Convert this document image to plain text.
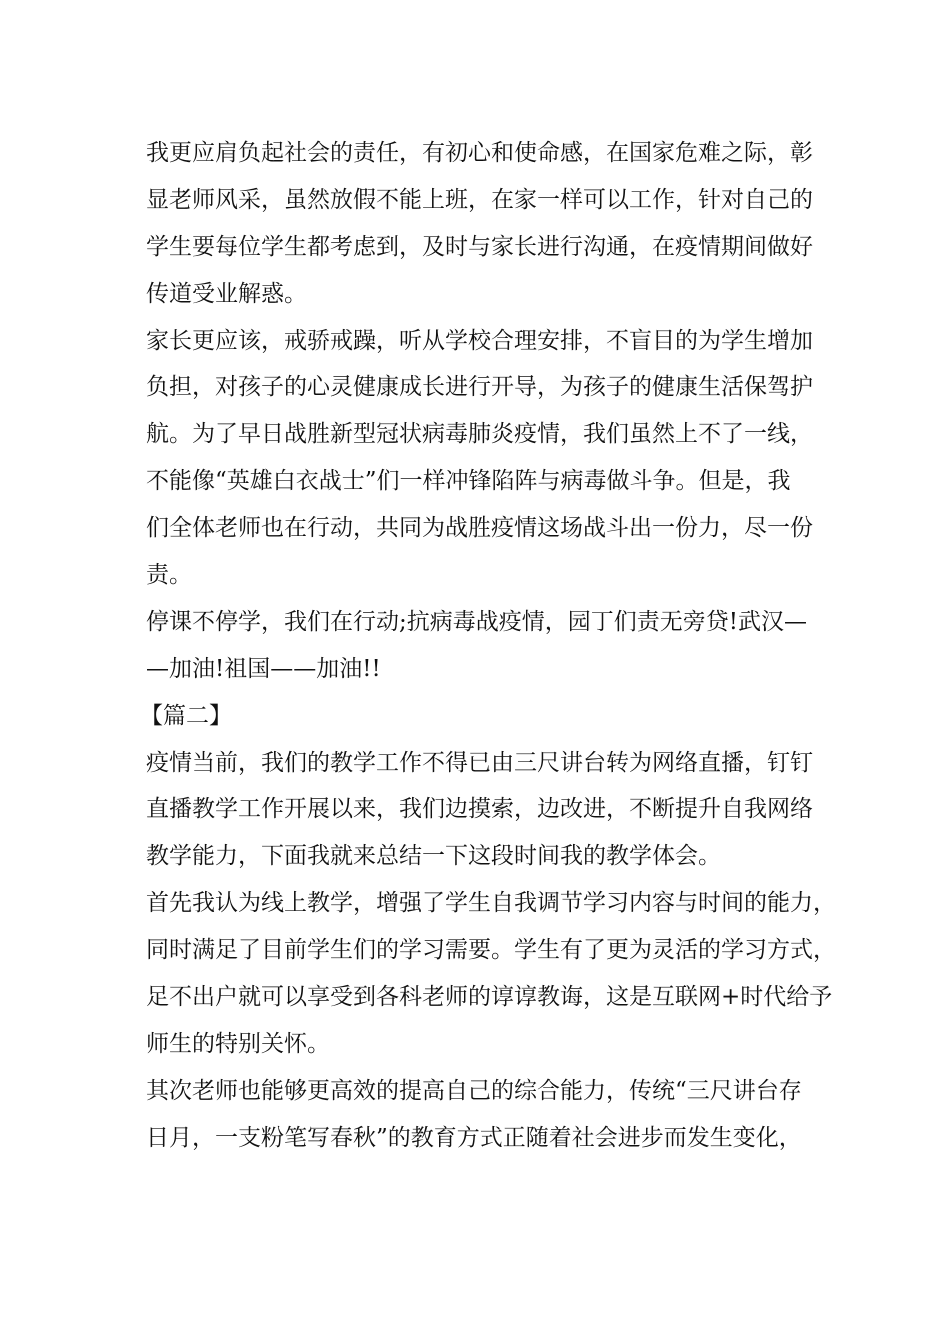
我更应肩负起社会的责任，有初心和使命感，在国家危难之际，彰
显老师风采，虽然放假不能上班，在家一样可以工作，针对自己的
学生要每位学生都考虑到，及时与家长进行沟通，在疫情期间做好
传道受业解惑。
家长更应该，戒骄戒躁，听从学校合理安排，不盲目的为学生增加
负担，对孩子的心灵健康成长进行开导，为孩子的健康生活保驾护
航。为了早日战胜新型冠状病毒肺炎疫情，我们虽然上不了一线，
不能像“英雄白衣战士”们一样冲锋陷阵与病毒做斗争。但是，我
们全体老师也在行动，共同为战胜疫情这场战斗出一份力，尽一份
责。
停课不停学，我们在行动;抗病毒战疫情，园丁们责无旁贷!武汉—
—加油!祖国——加油!!
【篇二】
疫情当前，我们的教学工作不得已由三尺讲台转为网络直播，钉钉
直播教学工作开展以来，我们边摸索，边改进，不断提升自我网络
教学能力，下面我就来总结一下这段时间我的教学体会。
首先我认为线上教学，增强了学生自我调节学习内容与时间的能力，
同时满足了目前学生们的学习需要。学生有了更为灵活的学习方式，
足不出户就可以享受到各科老师的谆谆教诲，这是互联网+时代给予
师生的特别关怀。
其次老师也能够更高效的提高自己的综合能力，传统“三尺讲台存
日月，一支粉笔写春秋”的教育方式正随着社会进步而发生变化，
